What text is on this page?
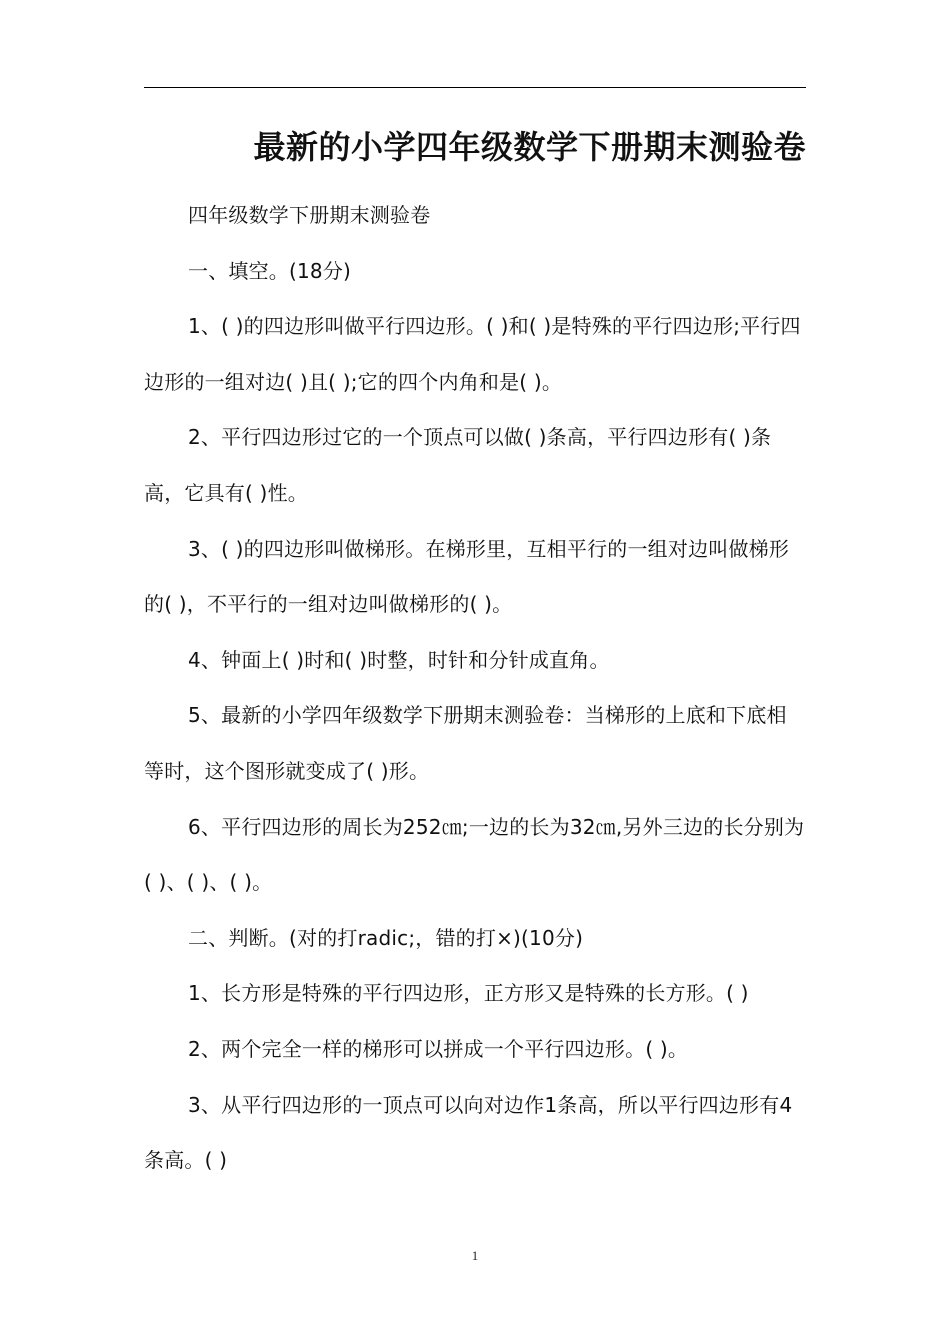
最新的小学四年级数学下册期末测验卷

四年级数学下册期末测验卷

一、填空。(18分)

1、( )的四边形叫做平行四边形。( )和( )是特殊的平行四边形;平行四边形的一组对边( )且( );它的四个内角和是( )。

2、平行四边形过它的一个顶点可以做( )条高，平行四边形有( )条高，它具有( )性。

3、( )的四边形叫做梯形。在梯形里，互相平行的一组对边叫做梯形的( )，不平行的一组对边叫做梯形的( )。

4、钟面上( )时和( )时整，时针和分针成直角。

5、最新的小学四年级数学下册期末测验卷：当梯形的上底和下底相等时，这个图形就变成了( )形。

6、平行四边形的周长为252㎝;一边的长为32㎝,另外三边的长分别为( )、( )、( )。

二、判断。(对的打radic;，错的打×)(10分)

1、长方形是特殊的平行四边形，正方形又是特殊的长方形。( )

2、两个完全一样的梯形可以拼成一个平行四边形。( )。

3、从平行四边形的一顶点可以向对边作1条高，所以平行四边形有4条高。( )

1
